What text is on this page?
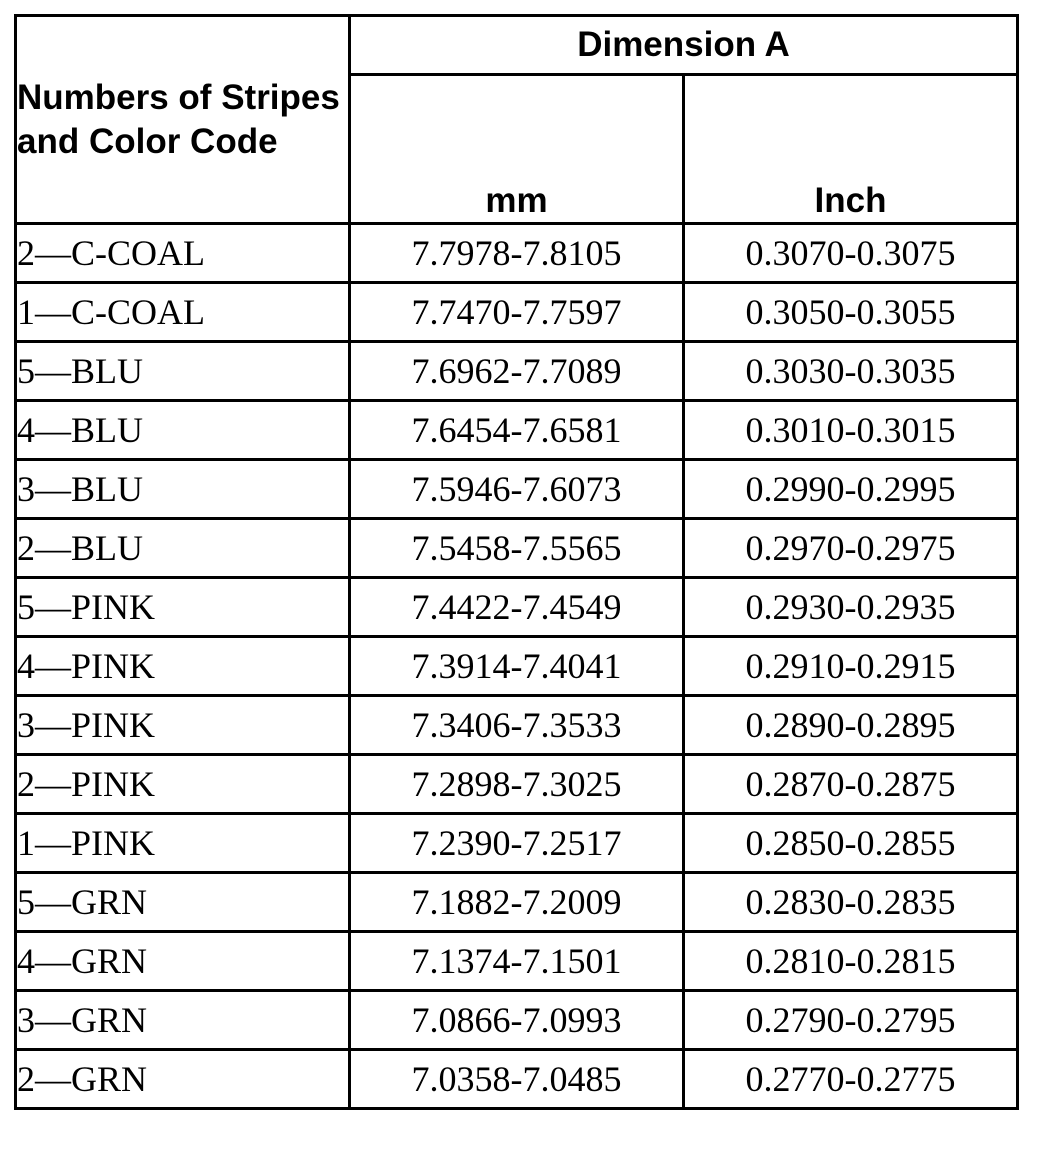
Numbers of Stripes and Color Code	Dimension A	
	mm	Inch
2—C-COAL	7.7978-7.8105	0.3070-0.3075
1—C-COAL	7.7470-7.7597	0.3050-0.3055
5—BLU	7.6962-7.7089	0.3030-0.3035
4—BLU	7.6454-7.6581	0.3010-0.3015
3—BLU	7.5946-7.6073	0.2990-0.2995
2—BLU	7.5458-7.5565	0.2970-0.2975
5—PINK	7.4422-7.4549	0.2930-0.2935
4—PINK	7.3914-7.4041	0.2910-0.2915
3—PINK	7.3406-7.3533	0.2890-0.2895
2—PINK	7.2898-7.3025	0.2870-0.2875
1—PINK	7.2390-7.2517	0.2850-0.2855
5—GRN	7.1882-7.2009	0.2830-0.2835
4—GRN	7.1374-7.1501	0.2810-0.2815
3—GRN	7.0866-7.0993	0.2790-0.2795
2—GRN	7.0358-7.0485	0.2770-0.2775
